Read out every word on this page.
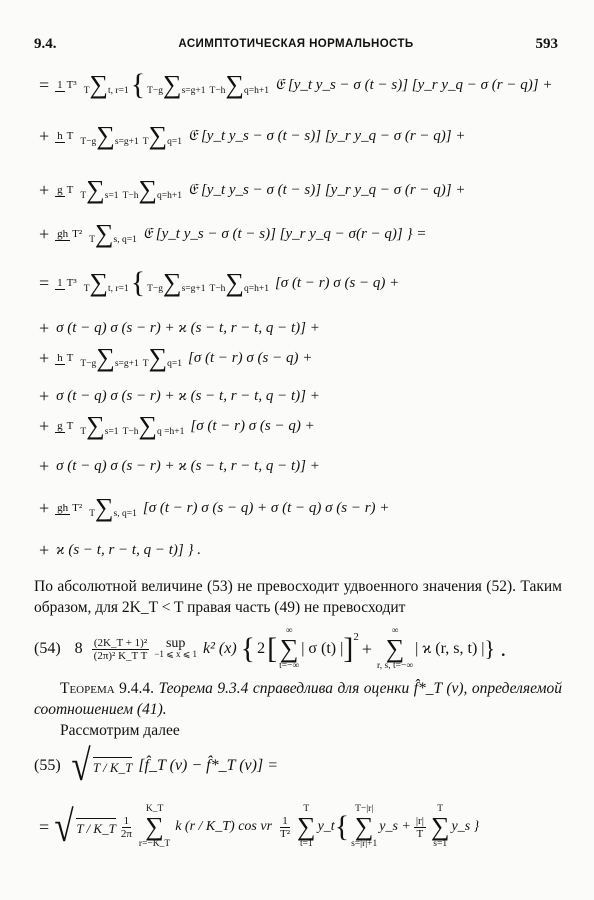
9.4.	АСИМПТОТИЧЕСКАЯ НОРМАЛЬНОСТЬ	593
= 1 T³
T∑t, r=1 { T−g∑s=g+1 T−h∑q=h+1 𝔈 [y_t y_s − σ (t − s)] [y_r y_q − σ (r − q)] +
+ h T
T−g∑s=g+1 T∑q=1 𝔈 [y_t y_s − σ (t − s)] [y_r y_q − σ (r − q)] +
+ g T
T∑s=1 T−h∑q=h+1 𝔈 [y_t y_s − σ (t − s)] [y_r y_q − σ (r − q)] +
+ gh T²
T∑s, q=1 𝔈 [y_t y_s − σ (t − s)] [y_r y_q − σ(r − q)] } =
= 1 T³
T∑t, r=1 { T−g∑s=g+1 T−h∑q=h+1 [σ (t − r) σ (s − q) +
+ σ (t − q) σ (s − r) + ϰ (s − t, r − t, q − t)] +
+ h T
T−g∑s=g+1 T∑q=1 [σ (t − r) σ (s − q) +
+ σ (t − q) σ (s − r) + ϰ (s − t, r − t, q − t)] +
+ g T
T∑s=1 T−h∑q =h+1 [σ (t − r) σ (s − q) +
+ σ (t − q) σ (s − r) + ϰ (s − t, r − t, q − t)] +
+ gh T²
T∑s, q=1 [σ (t − r) σ (s − q) + σ (t − q) σ (s − r) +
+ ϰ (s − t, r − t, q − t)] } .
По абсолютной величине (53) не превосходит удвоенного значения (52). Таким образом, для 2K_T < T правая часть (49) не превосходит
(54) $8 \frac{\text{(2K\_T + 1)²}}{\text{(2π)² K\_T T}}$ sup
−1 ⩽ x ⩽ 1 k² (x) { 2 [
∞
∑
t=−∞
| σ (t) | ]$^2$
+
∞
∑
r, s, t=−∞
| ϰ (r, s, t) | } .
Теорема 9.4.4. Теорема 9.3.4 справедлива для оценки f̂*_T (ν), определяемой соотношением (41).
Рассмотрим далее
(55) √ T / K_T [f̂_T (ν) − f̂*_T (ν)] =
= √ T / K_T $\frac{1}{2\pi}$
K_T
∑
r=−K_T
k (r / K_T) cos νr $\frac{1}{\text{T²}}$
T
∑
t=1
y_t {
T−|r|
∑
s=|r|+1
y_s + $\frac{|r|}{T}$
T
∑
s=1
y_s }
